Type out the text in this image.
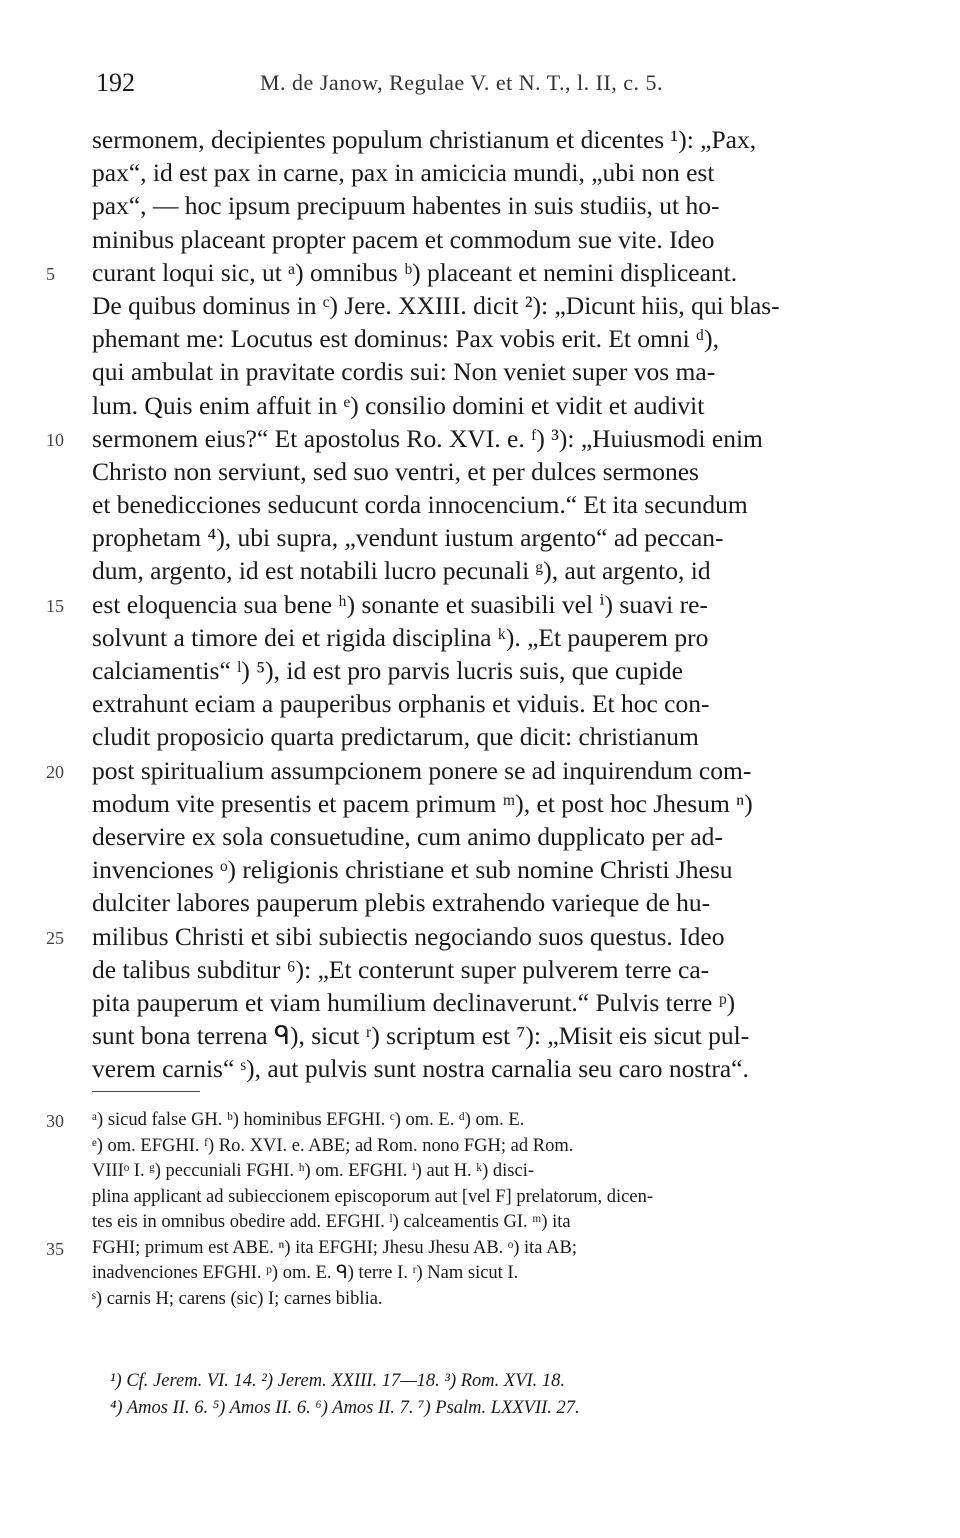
192	M. de Janow, Regulae V. et N. T., l. II, c. 5.
sermonem, decipientes populum christianum et dicentes ¹): „Pax,
pax“, id est pax in carne, pax in amicicia mundi, „ubi non est
pax“, — hoc ipsum precipuum habentes in suis studiis, ut ho-
minibus placeant propter pacem et commodum sue vite. Ideo
5	curant loqui sic, ut ᵃ) omnibus ᵇ) placeant et nemini displiceant.
De quibus dominus in ᶜ) Jere. XXIII. dicit ²): „Dicunt hiis, qui blas-
phemant me: Locutus est dominus: Pax vobis erit. Et omni ᵈ),
qui ambulat in pravitate cordis sui: Non veniet super vos ma-
lum. Quis enim affuit in ᵉ) consilio domini et vidit et audivit
10	sermonem eius?“ Et apostolus Ro. XVI. e. ᶠ) ³): „Huiusmodi enim
Christo non serviunt, sed suo ventri, et per dulces sermones
et benedicciones seducunt corda innocencium.“ Et ita secundum
prophetam ⁴), ubi supra, „vendunt iustum argento“ ad peccan-
dum, argento, id est notabili lucro pecunali ᵍ), aut argento, id
15	est eloquencia sua bene ʰ) sonante et suasibili vel ⁱ) suavi re-
solvunt a timore dei et rigida disciplina ᵏ). „Et pauperem pro
calciamentis“ ˡ) ⁵), id est pro parvis lucris suis, que cupide
extrahunt eciam a pauperibus orphanis et viduis. Et hoc con-
cludit proposicio quarta predictarum, que dicit: christianum
20	post spiritualium assumpcionem ponere se ad inquirendum com-
modum vite presentis et pacem primum ᵐ), et post hoc Jhesum ⁿ)
deservire ex sola consuetudine, cum animo dupplicato per ad-
invenciones ᵒ) religionis christiane et sub nomine Christi Jhesu
dulciter labores pauperum plebis extrahendo varieque de hu-
25	milibus Christi et sibi subiectis negociando suos questus. Ideo
de talibus subditur ⁶): „Et conterunt super pulverem terre ca-
pita pauperum et viam humilium declinaverunt.“ Pulvis terre ᵖ)
sunt bona terrena ᑫ), sicut ʳ) scriptum est ⁷): „Misit eis sicut pul-
verem carnis“ ˢ), aut pulvis sunt nostra carnalia seu caro nostra“.
30	ᵃ) sicud false GH. ᵇ) hominibus EFGHI. ᶜ) om. E. ᵈ) om. E.
ᵉ) om. EFGHI. ᶠ) Ro. XVI. e. ABE; ad Rom. nono FGH; ad Rom.
VIIIᵒ I. ᵍ) peccuniali FGHI. ʰ) om. EFGHI. ⁱ) aut H. ᵏ) disci-
plina applicant ad subieccionem episcoporum aut [vel F] prelatorum, dicen-
tes eis in omnibus obedire add. EFGHI. ˡ) calceamentis GI. ᵐ) ita
35	FGHI; primum est ABE. ⁿ) ita EFGHI; Jhesu Jhesu AB. ᵒ) ita AB;
inadvenciones EFGHI. ᵖ) om. E. ᑫ) terre I. ʳ) Nam sicut I.
ˢ) carnis H; carens (sic) I; carnes biblia.
¹) Cf. Jerem. VI. 14. ²) Jerem. XXIII. 17—18. ³) Rom. XVI. 18.
⁴) Amos II. 6. ⁵) Amos II. 6. ⁶) Amos II. 7. ⁷) Psalm. LXXVII. 27.
